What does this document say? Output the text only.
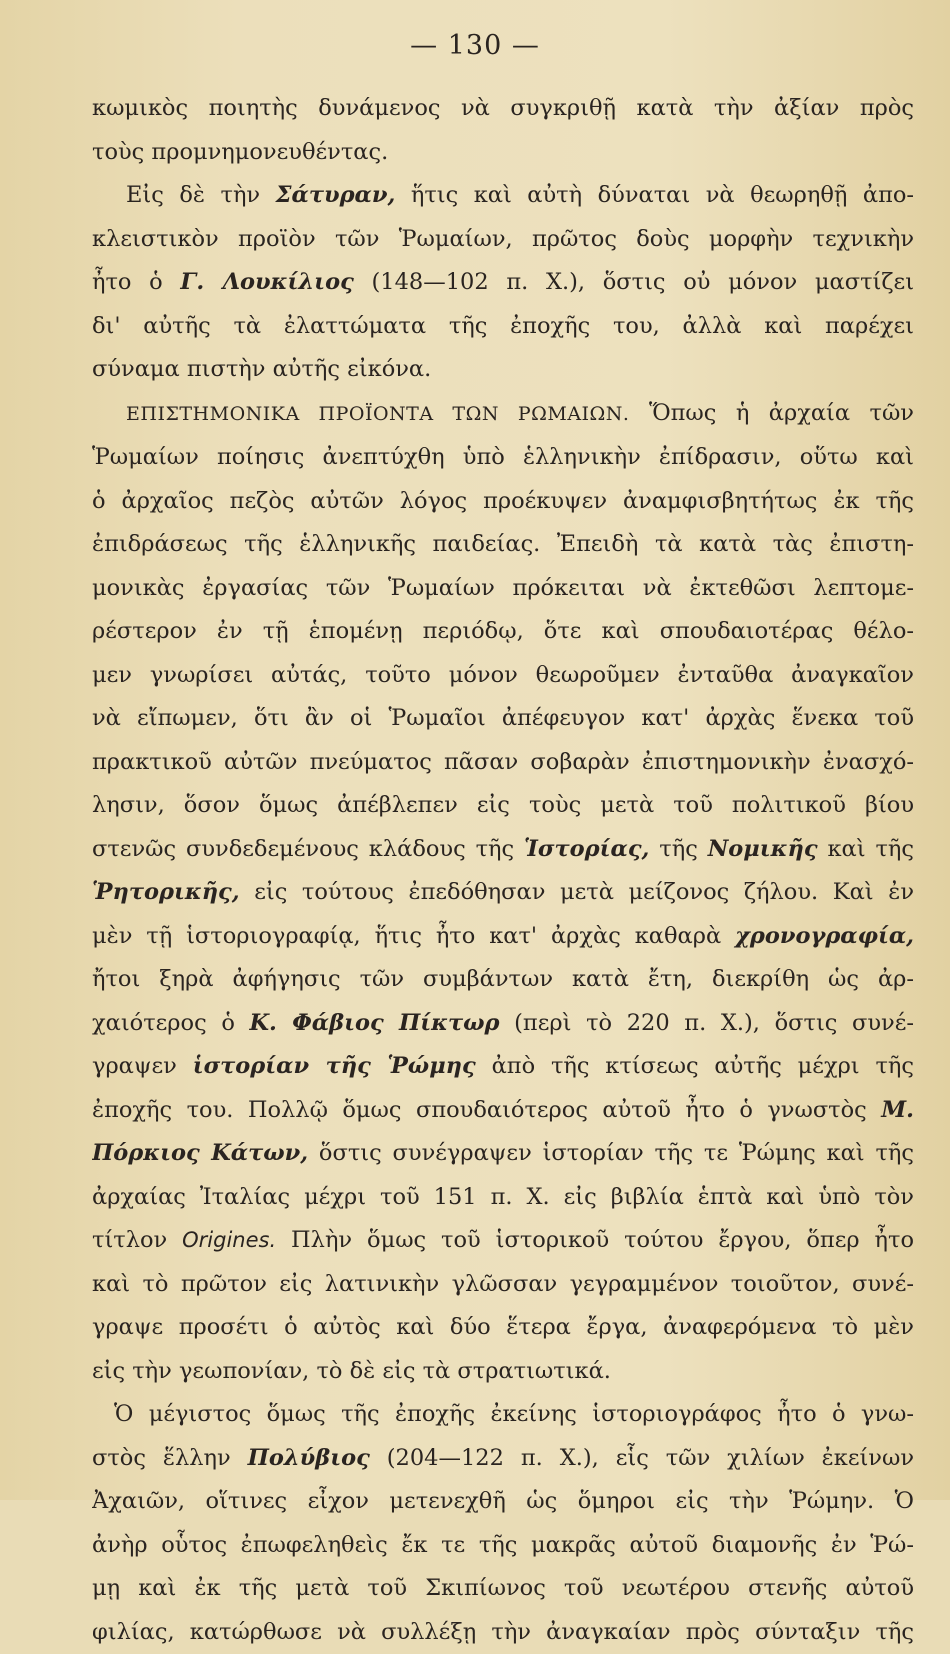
— 130 —
κωμικὸς ποιητὴς δυνάμενος νὰ συγκριθῇ κατὰ τὴν ἀξίαν πρὸς
τοὺς προμνημονευθέντας.
Εἰς δὲ τὴν Σάτυραν, ἥτις καὶ αὐτὴ δύναται νὰ θεωρηθῇ ἀπο-
κλειστικὸν προϊὸν τῶν Ῥωμαίων, πρῶτος δοὺς μορφὴν τεχνικὴν
ἦτο ὁ Γ. Λουκίλιος (148—102 π. Χ.), ὅστις οὐ μόνον μαστίζει
δι' αὐτῆς τὰ ἐλαττώματα τῆς ἐποχῆς του, ἀλλὰ καὶ παρέχει
σύναμα πιστὴν αὐτῆς εἰκόνα.
ΕΠΙΣΤΗΜΟΝΙΚΑ ΠΡΟΪΟΝΤΑ ΤΩΝ ΡΩΜΑΙΩΝ. Ὅπως ἡ ἀρχαία τῶν
Ῥωμαίων ποίησις ἀνεπτύχθη ὑπὸ ἑλληνικὴν ἐπίδρασιν, οὕτω καὶ
ὁ ἀρχαῖος πεζὸς αὐτῶν λόγος προέκυψεν ἀναμφισβητήτως ἐκ τῆς
ἐπιδράσεως τῆς ἑλληνικῆς παιδείας. Ἐπειδὴ τὰ κατὰ τὰς ἐπιστη-
μονικὰς ἐργασίας τῶν Ῥωμαίων πρόκειται νὰ ἐκτεθῶσι λεπτομε-
ρέστερον ἐν τῇ ἑπομένῃ περιόδῳ, ὅτε καὶ σπουδαιοτέρας θέλο-
μεν γνωρίσει αὐτάς, τοῦτο μόνον θεωροῦμεν ἐνταῦθα ἀναγκαῖον
νὰ εἴπωμεν, ὅτι ἂν οἱ Ῥωμαῖοι ἀπέφευγον κατ' ἀρχὰς ἕνεκα τοῦ
πρακτικοῦ αὐτῶν πνεύματος πᾶσαν σοβαρὰν ἐπιστημονικὴν ἐνασχό-
λησιν, ὅσον ὅμως ἀπέβλεπεν εἰς τοὺς μετὰ τοῦ πολιτικοῦ βίου
στενῶς συνδεδεμένους κλάδους τῆς Ἱστορίας, τῆς Νομικῆς καὶ τῆς
Ῥητορικῆς, εἰς τούτους ἐπεδόθησαν μετὰ μείζονος ζήλου. Καὶ ἐν
μὲν τῇ ἱστοριογραφίᾳ, ἥτις ἦτο κατ' ἀρχὰς καθαρὰ χρονογραφία,
ἤτοι ξηρὰ ἀφήγησις τῶν συμβάντων κατὰ ἔτη, διεκρίθη ὡς ἀρ-
χαιότερος ὁ Κ. Φάβιος Πίκτωρ (περὶ τὸ 220 π. Χ.), ὅστις συνέ-
γραψεν ἱστορίαν τῆς Ῥώμης ἀπὸ τῆς κτίσεως αὐτῆς μέχρι τῆς
ἐποχῆς του. Πολλῷ ὅμως σπουδαιότερος αὐτοῦ ἦτο ὁ γνωστὸς Μ.
Πόρκιος Κάτων, ὅστις συνέγραψεν ἱστορίαν τῆς τε Ῥώμης καὶ τῆς
ἀρχαίας Ἰταλίας μέχρι τοῦ 151 π. Χ. εἰς βιβλία ἑπτὰ καὶ ὑπὸ τὸν
τίτλον Origines. Πλὴν ὅμως τοῦ ἱστορικοῦ τούτου ἔργου, ὅπερ ἦτο
καὶ τὸ πρῶτον εἰς λατινικὴν γλῶσσαν γεγραμμένον τοιοῦτον, συνέ-
γραψε προσέτι ὁ αὐτὸς καὶ δύο ἕτερα ἔργα, ἀναφερόμενα τὸ μὲν
εἰς τὴν γεωπονίαν, τὸ δὲ εἰς τὰ στρατιωτικά.
Ὁ μέγιστος ὅμως τῆς ἐποχῆς ἐκείνης ἱστοριογράφος ἦτο ὁ γνω-
στὸς ἕλλην Πολύβιος (204—122 π. Χ.), εἷς τῶν χιλίων ἐκείνων
Ἀχαιῶν, οἵτινες εἶχον μετενεχθῆ ὡς ὅμηροι εἰς τὴν Ῥώμην. Ὁ
ἀνὴρ οὗτος ἐπωφεληθεὶς ἔκ τε τῆς μακρᾶς αὐτοῦ διαμονῆς ἐν Ῥώ-
μῃ καὶ ἐκ τῆς μετὰ τοῦ Σκιπίωνος τοῦ νεωτέρου στενῆς αὐτοῦ
φιλίας, κατώρθωσε νὰ συλλέξῃ τὴν ἀναγκαίαν πρὸς σύνταξιν τῆς
